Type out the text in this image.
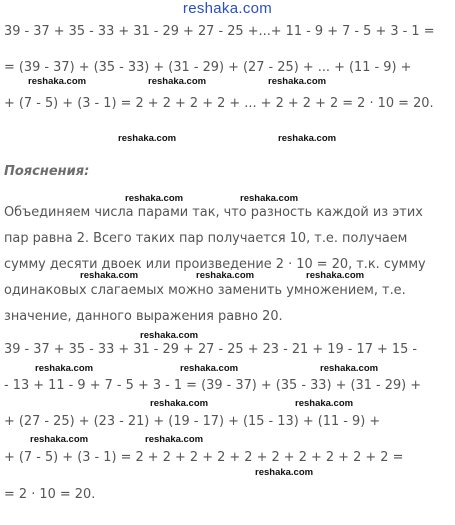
reshaka.com
39 - 37 + 35 - 33 + 31 - 29 + 27 - 25 +...+ 11 - 9 + 7 - 5 + 3 - 1 =
= (39 - 37) + (35 - 33) + (31 - 29) + (27 - 25) + ... + (11 - 9) +
+ (7 - 5) + (3 - 1) = 2 + 2 + 2 + 2 + ... + 2 + 2 + 2 = 2 · 10 = 20.
Пояснения:
Объединяем числа парами так, что разность каждой из этих
пар равна 2. Всего таких пар получается 10, т.е. получаем
сумму десяти двоек или произведение 2 · 10 = 20, т.к. сумму
одинаковых слагаемых можно заменить умножением, т.е.
значение, данного выражения равно 20.
39 - 37 + 35 - 33 + 31 - 29 + 27 - 25 + 23 - 21 + 19 - 17 + 15 -
- 13 + 11 - 9 + 7 - 5 + 3 - 1 = (39 - 37) + (35 - 33) + (31 - 29) +
+ (27 - 25) + (23 - 21) + (19 - 17) + (15 - 13) + (11 - 9) +
+ (7 - 5) + (3 - 1) = 2 + 2 + 2 + 2 + 2 + 2 + 2 + 2 + 2 + 2 =
= 2 · 10 = 20.
reshaka.com	reshaka.com	reshaka.com
reshaka.com	reshaka.com
reshaka.com	reshaka.com
reshaka.com	reshaka.com	reshaka.com
reshaka.com
reshaka.com	reshaka.com	reshaka.com
reshaka.com	reshaka.com
reshaka.com	reshaka.com
reshaka.com
